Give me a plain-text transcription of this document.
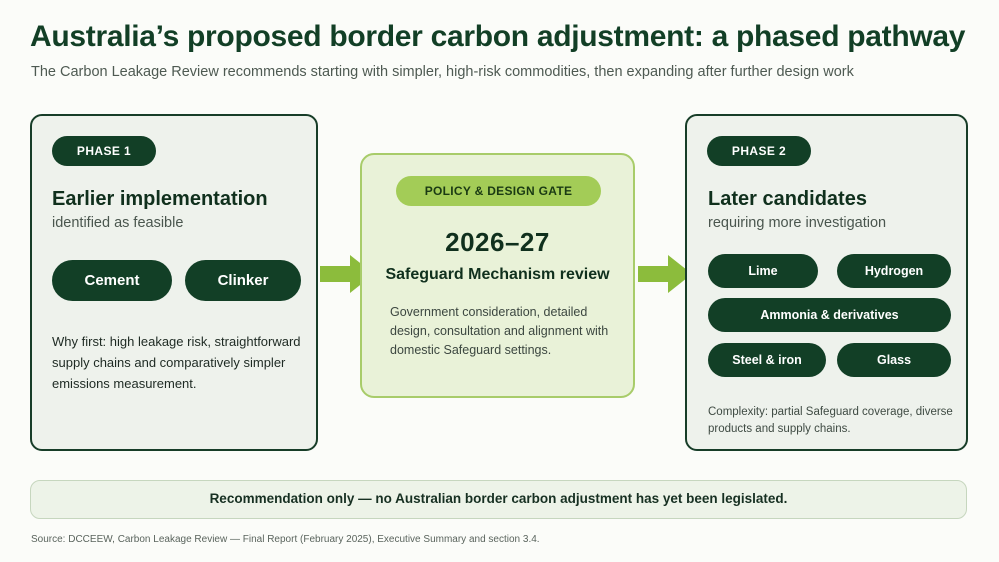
Australia’s proposed border carbon adjustment: a phased pathway
The Carbon Leakage Review recommends starting with simpler, high-risk commodities, then expanding after further design work
PHASE 1
Earlier implementation
identified as feasible
Cement	Clinker
Why first: high leakage risk, straightforward supply chains and comparatively simpler emissions measurement.
POLICY & DESIGN GATE
2026–27
Safeguard Mechanism review
Government consideration, detailed design, consultation and alignment with domestic Safeguard settings.
PHASE 2
Later candidates
requiring more investigation
Lime	Hydrogen
Ammonia & derivatives
Steel & iron	Glass
Complexity: partial Safeguard coverage, diverse products and supply chains.
Recommendation only — no Australian border carbon adjustment has yet been legislated.
Source: DCCEEW, Carbon Leakage Review — Final Report (February 2025), Executive Summary and section 3.4.
